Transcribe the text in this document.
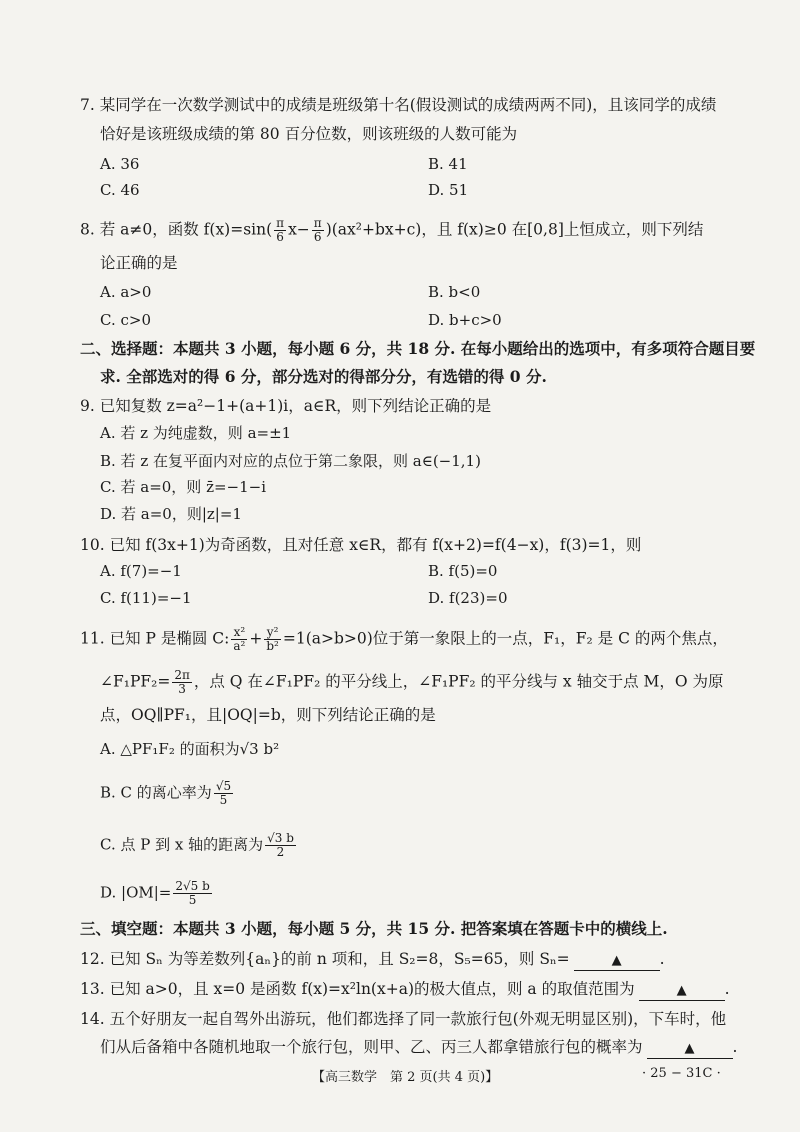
7. 某同学在一次数学测试中的成绩是班级第十名(假设测试的成绩两两不同)，且该同学的成绩
恰好是该班级成绩的第 80 百分位数，则该班级的人数可能为
A. 36	B. 41
C. 46	D. 51
8. 若 a≠0，函数 $f(x)=\sin( \frac{\pi}{6} x- \frac{\pi}{6} )(ax^2+bx+c)$，且 f(x)≥0 在[0,8]上恒成立，则下列结
论正确的是
A. a>0	B. b<0
C. c>0	D. b+c>0
二、选择题：本题共 3 小题，每小题 6 分，共 18 分. 在每小题给出的选项中，有多项符合题目要
求. 全部选对的得 6 分，部分选对的得部分分，有选错的得 0 分.
9. 已知复数 z=a²−1+(a+1)i，a∈R，则下列结论正确的是
A. 若 z 为纯虚数，则 a=±1
B. 若 z 在复平面内对应的点位于第二象限，则 a∈(−1,1)
C. 若 a=0，则 z̄=−1−i
D. 若 a=0，则|z|=1
10. 已知 f(3x+1)为奇函数，且对任意 x∈R，都有 f(x+2)=f(4−x)，f(3)=1，则
A. f(7)=−1	B. f(5)=0
C. f(11)=−1	D. f(23)=0
11. 已知 P 是椭圆 C: $\frac{\text{x²}}{\text{a²}} + \frac{\text{y²}}{\text{b²}} =1(a>b>0)$位于第一象限上的一点，F₁，F₂ 是 C 的两个焦点，
∠F₁PF₂= $\frac{2\pi}{3}$ ，点 Q 在∠F₁PF₂ 的平分线上，∠F₁PF₂ 的平分线与 x 轴交于点 M，O 为原
点，OQ∥PF₁，且|OQ|=b，则下列结论正确的是
A. △PF₁F₂ 的面积为√3 b²
B. C 的离心率为 $\frac{√5}{5}$
C. 点 P 到 x 轴的距离为 $\frac{√3 b}{2}$
D. $|OM|= \frac{2√5 b}{5}$
三、填空题：本题共 3 小题，每小题 5 分，共 15 分. 把答案填在答题卡中的横线上.
12. 已知 Sₙ 为等差数列{aₙ}的前 n 项和，且 S₂=8，S₅=65，则 Sₙ=	▲ .
13. 已知 a>0，且 x=0 是函数 f(x)=x²ln(x+a)的极大值点，则 a 的取值范围为	▲ .
14. 五个好朋友一起自驾外出游玩，他们都选择了同一款旅行包(外观无明显区别)，下车时，他
们从后备箱中各随机地取一个旅行包，则甲、乙、丙三人都拿错旅行包的概率为	▲ .
【高三数学　第 2 页(共 4 页)】	· 25 − 31C ·
